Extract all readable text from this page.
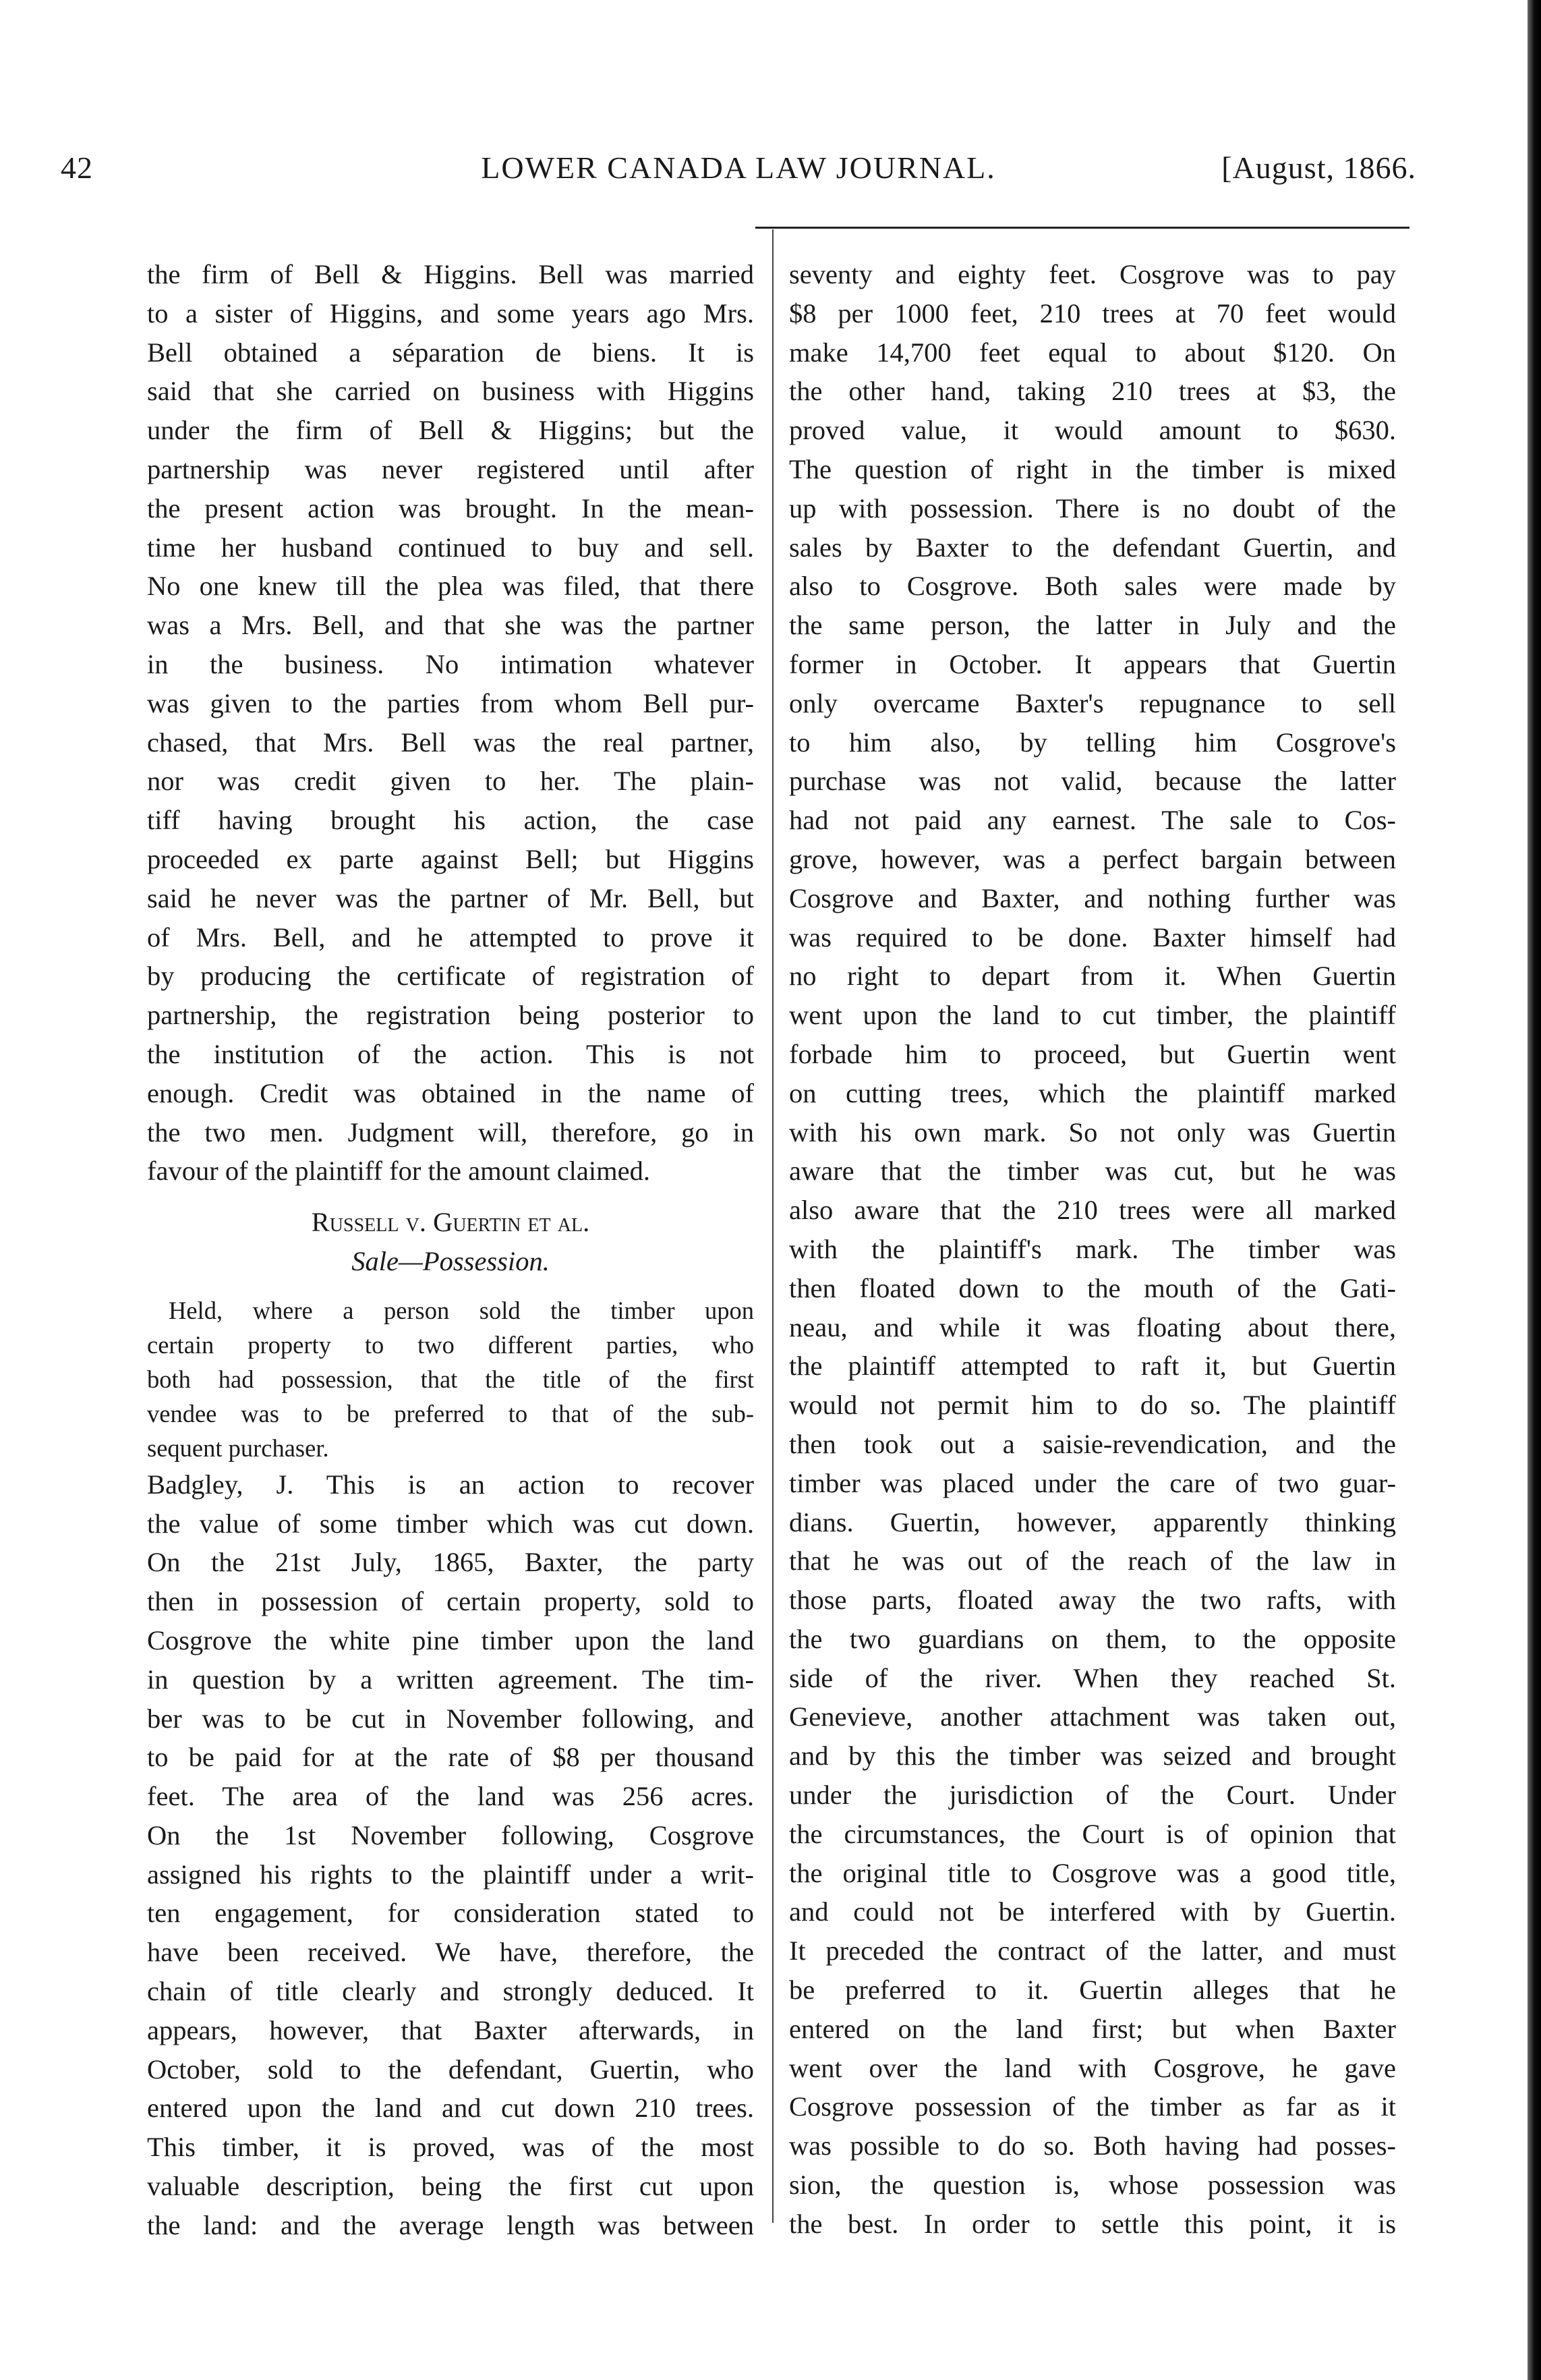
42	LOWER CANADA LAW JOURNAL.	[August, 1866.
the firm of Bell & Higgins. Bell was married
to a sister of Higgins, and some years ago Mrs.
Bell obtained a séparation de biens. It is
said that she carried on business with Higgins
under the firm of Bell & Higgins; but the
partnership was never registered until after
the present action was brought. In the mean-
time her husband continued to buy and sell.
No one knew till the plea was filed, that there
was a Mrs. Bell, and that she was the partner
in the business. No intimation whatever
was given to the parties from whom Bell pur-
chased, that Mrs. Bell was the real partner,
nor was credit given to her. The plain-
tiff having brought his action, the case
proceeded ex parte against Bell; but Higgins
said he never was the partner of Mr. Bell, but
of Mrs. Bell, and he attempted to prove it
by producing the certificate of registration of
partnership, the registration being posterior to
the institution of the action. This is not
enough. Credit was obtained in the name of
the two men. Judgment will, therefore, go in
favour of the plaintiff for the amount claimed.
Russell v. Guertin et al.
Sale—Possession.
Held, where a person sold the timber upon
certain property to two different parties, who
both had possession, that the title of the first
vendee was to be preferred to that of the sub-
sequent purchaser.
Badgley, J. This is an action to recover
the value of some timber which was cut down.
On the 21st July, 1865, Baxter, the party
then in possession of certain property, sold to
Cosgrove the white pine timber upon the land
in question by a written agreement. The tim-
ber was to be cut in November following, and
to be paid for at the rate of $8 per thousand
feet. The area of the land was 256 acres.
On the 1st November following, Cosgrove
assigned his rights to the plaintiff under a writ-
ten engagement, for consideration stated to
have been received. We have, therefore, the
chain of title clearly and strongly deduced. It
appears, however, that Baxter afterwards, in
October, sold to the defendant, Guertin, who
entered upon the land and cut down 210 trees.
This timber, it is proved, was of the most
valuable description, being the first cut upon
the land: and the average length was between
seventy and eighty feet. Cosgrove was to pay
$8 per 1000 feet, 210 trees at 70 feet would
make 14,700 feet equal to about $120. On
the other hand, taking 210 trees at $3, the
proved value, it would amount to $630.
The question of right in the timber is mixed
up with possession. There is no doubt of the
sales by Baxter to the defendant Guertin, and
also to Cosgrove. Both sales were made by
the same person, the latter in July and the
former in October. It appears that Guertin
only overcame Baxter's repugnance to sell
to him also, by telling him Cosgrove's
purchase was not valid, because the latter
had not paid any earnest. The sale to Cos-
grove, however, was a perfect bargain between
Cosgrove and Baxter, and nothing further was
was required to be done. Baxter himself had
no right to depart from it. When Guertin
went upon the land to cut timber, the plaintiff
forbade him to proceed, but Guertin went
on cutting trees, which the plaintiff marked
with his own mark. So not only was Guertin
aware that the timber was cut, but he was
also aware that the 210 trees were all marked
with the plaintiff's mark. The timber was
then floated down to the mouth of the Gati-
neau, and while it was floating about there,
the plaintiff attempted to raft it, but Guertin
would not permit him to do so. The plaintiff
then took out a saisie-revendication, and the
timber was placed under the care of two guar-
dians. Guertin, however, apparently thinking
that he was out of the reach of the law in
those parts, floated away the two rafts, with
the two guardians on them, to the opposite
side of the river. When they reached St.
Genevieve, another attachment was taken out,
and by this the timber was seized and brought
under the jurisdiction of the Court. Under
the circumstances, the Court is of opinion that
the original title to Cosgrove was a good title,
and could not be interfered with by Guertin.
It preceded the contract of the latter, and must
be preferred to it. Guertin alleges that he
entered on the land first; but when Baxter
went over the land with Cosgrove, he gave
Cosgrove possession of the timber as far as it
was possible to do so. Both having had posses-
sion, the question is, whose possession was
the best. In order to settle this point, it is
